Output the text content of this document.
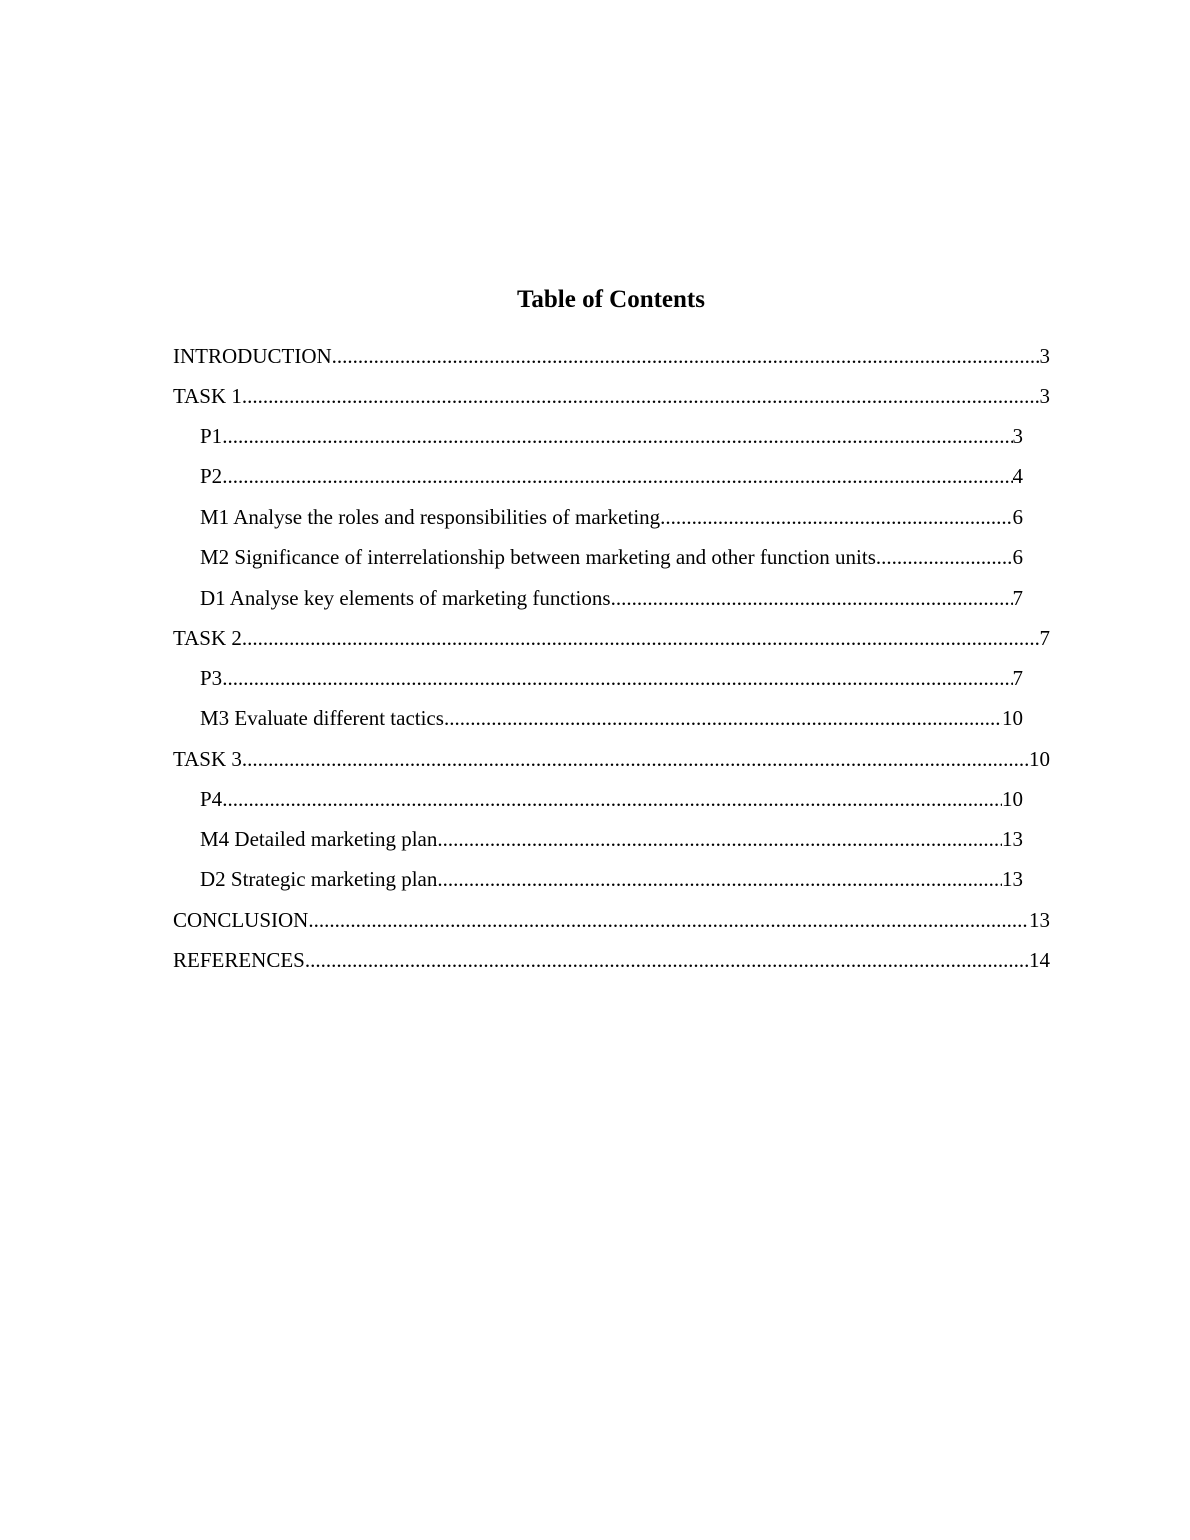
Table of Contents
INTRODUCTION .....	3
TASK 1 .....	3
P1 .....	3
P2 .....	4
M1 Analyse the roles and responsibilities of marketing .....	6
M2 Significance of interrelationship between marketing and other function units .....	6
D1 Analyse key elements of marketing functions .....	7
TASK 2 .....	7
P3 .....	7
M3 Evaluate different tactics .....	10
TASK 3 .....	10
P4 .....	10
M4 Detailed marketing plan .....	13
D2 Strategic marketing plan .....	13
CONCLUSION .....	13
REFERENCES .....	14
